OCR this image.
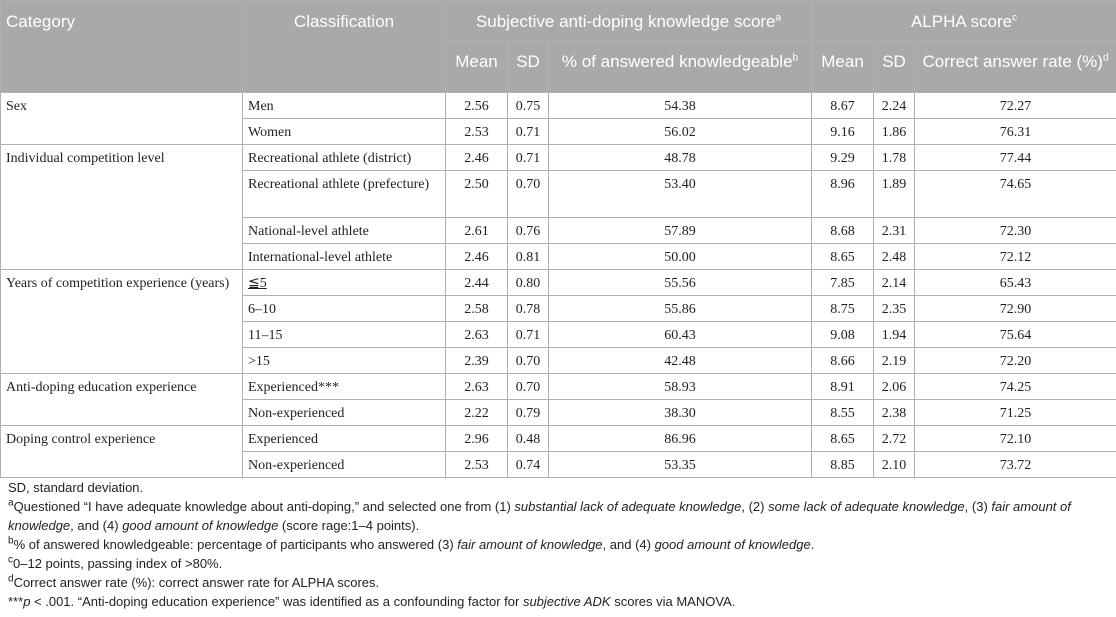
Category	Classification	Subjective anti-doping knowledge score$^a$			ALPHA score$^c$
		Mean	SD	% of answered knowledgeable$^b$	Mean	SD	Correct answer rate (%)$^d$
Sex	Men	2.56	0.75	54.38	8.67	2.24	72.27
	Women	2.53	0.71	56.02	9.16	1.86	76.31
Individual competition level	Recreational athlete (district)	2.46	0.71	48.78	9.29	1.78	77.44
	Recreational athlete (prefecture)	2.50	0.70	53.40	8.96	1.89	74.65
	National-level athlete	2.61	0.76	57.89	8.68	2.31	72.30
	International-level athlete	2.46	0.81	50.00	8.65	2.48	72.12
Years of competition experience (years)	≦5	2.44	0.80	55.56	7.85	2.14	65.43
	6–10	2.58	0.78	55.86	8.75	2.35	72.90
	11–15	2.63	0.71	60.43	9.08	1.94	75.64
	>15	2.39	0.70	42.48	8.66	2.19	72.20
Anti-doping education experience	Experienced***	2.63	0.70	58.93	8.91	2.06	74.25
	Non-experienced	2.22	0.79	38.30	8.55	2.38	71.25
Doping control experience	Experienced	2.96	0.48	86.96	8.65	2.72	72.10
	Non-experienced	2.53	0.74	53.35	8.85	2.10	73.72

SD, standard deviation.

$^a$Questioned “I have adequate knowledge about anti-doping,” and selected one from (1) substantial lack of adequate knowledge, (2) some lack of adequate knowledge, (3) fair amount of knowledge, and (4) good amount of knowledge (score rage:1–4 points).

$^b$% of answered knowledgeable: percentage of participants who answered (3) fair amount of knowledge, and (4) good amount of knowledge.

$^c$0–12 points, passing index of >80%.

$^d$Correct answer rate (%): correct answer rate for ALPHA scores.

***p < .001. “Anti-doping education experience” was identified as a confounding factor for subjective ADK scores via MANOVA.
